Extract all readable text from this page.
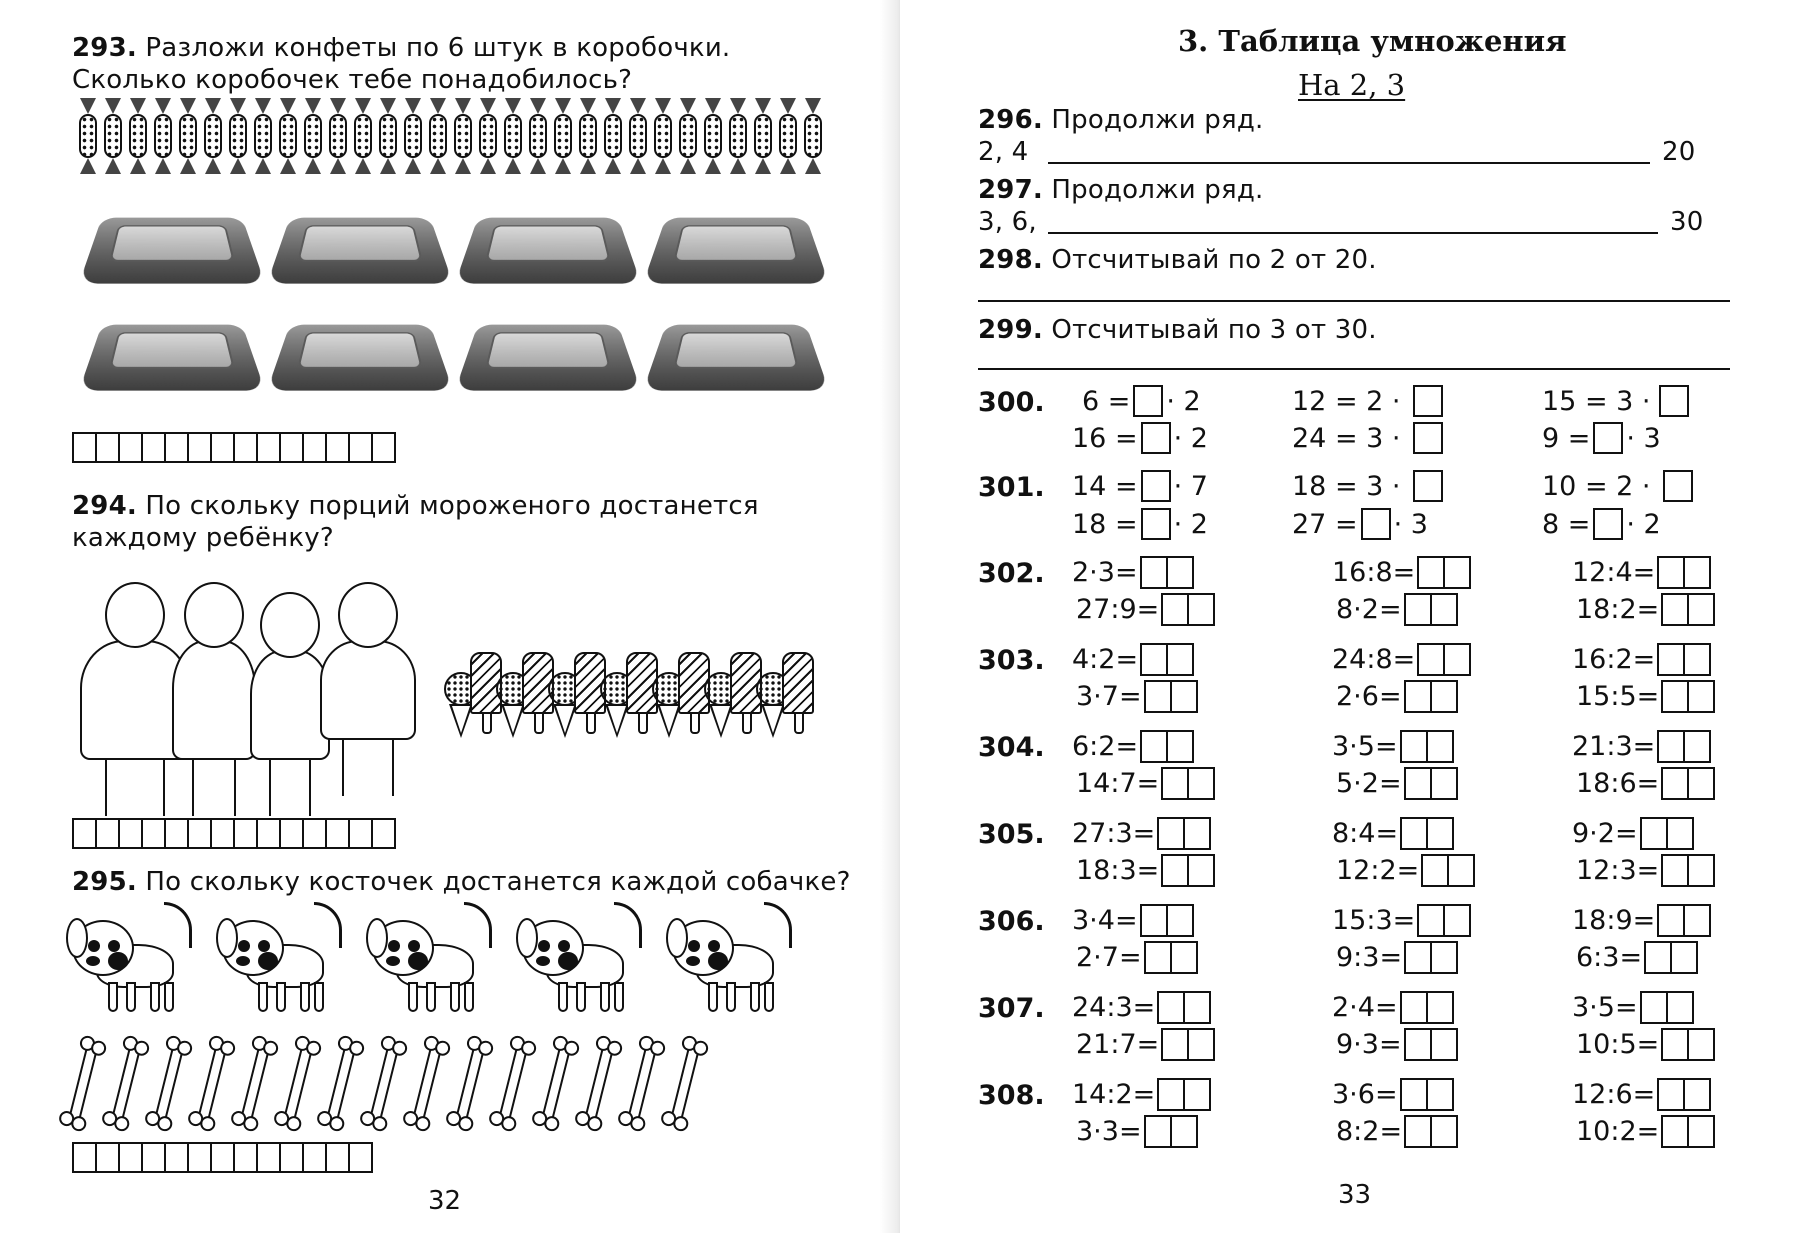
293. Разложи конфеты по 6 штук в коробочки. Сколько коробочек тебе понадобилось?
294. По скольку порций мороженого достанется каждому ребёнку?
295. По скольку косточек достанется каждой собачке?
32
3. Таблица умножения
На 2, 3
296. Продолжи ряд.
2, 4	20
297. Продолжи ряд.
3, 6,	30
298. Отсчитывай по 2 от 20.
299. Отсчитывай по 3 от 30.
300. 6 = · 2
16 = · 2
12 = 2 ·
24 = 3 ·
15 = 3 ·
9 = · 3
301. 14 = · 7
18 = · 2
18 = 3 ·
27 = · 3
10 = 2 ·
8 = · 2
302. 2·3=
27:9=
16:8=
8·2=
12:4=
18:2=
303. 4:2=
3·7=
24:8=
2·6=
16:2=
15:5=
304. 6:2=
14:7=
3·5=
5·2=
21:3=
18:6=
305. 27:3=
18:3=
8:4=
12:2=
9·2=
12:3=
306. 3·4=
2·7=
15:3=
9:3=
18:9=
6:3=
307. 24:3=
21:7=
2·4=
9·3=
3·5=
10:5=
308. 14:2=
3·3=
3·6=
8:2=
12:6=
10:2=
33
